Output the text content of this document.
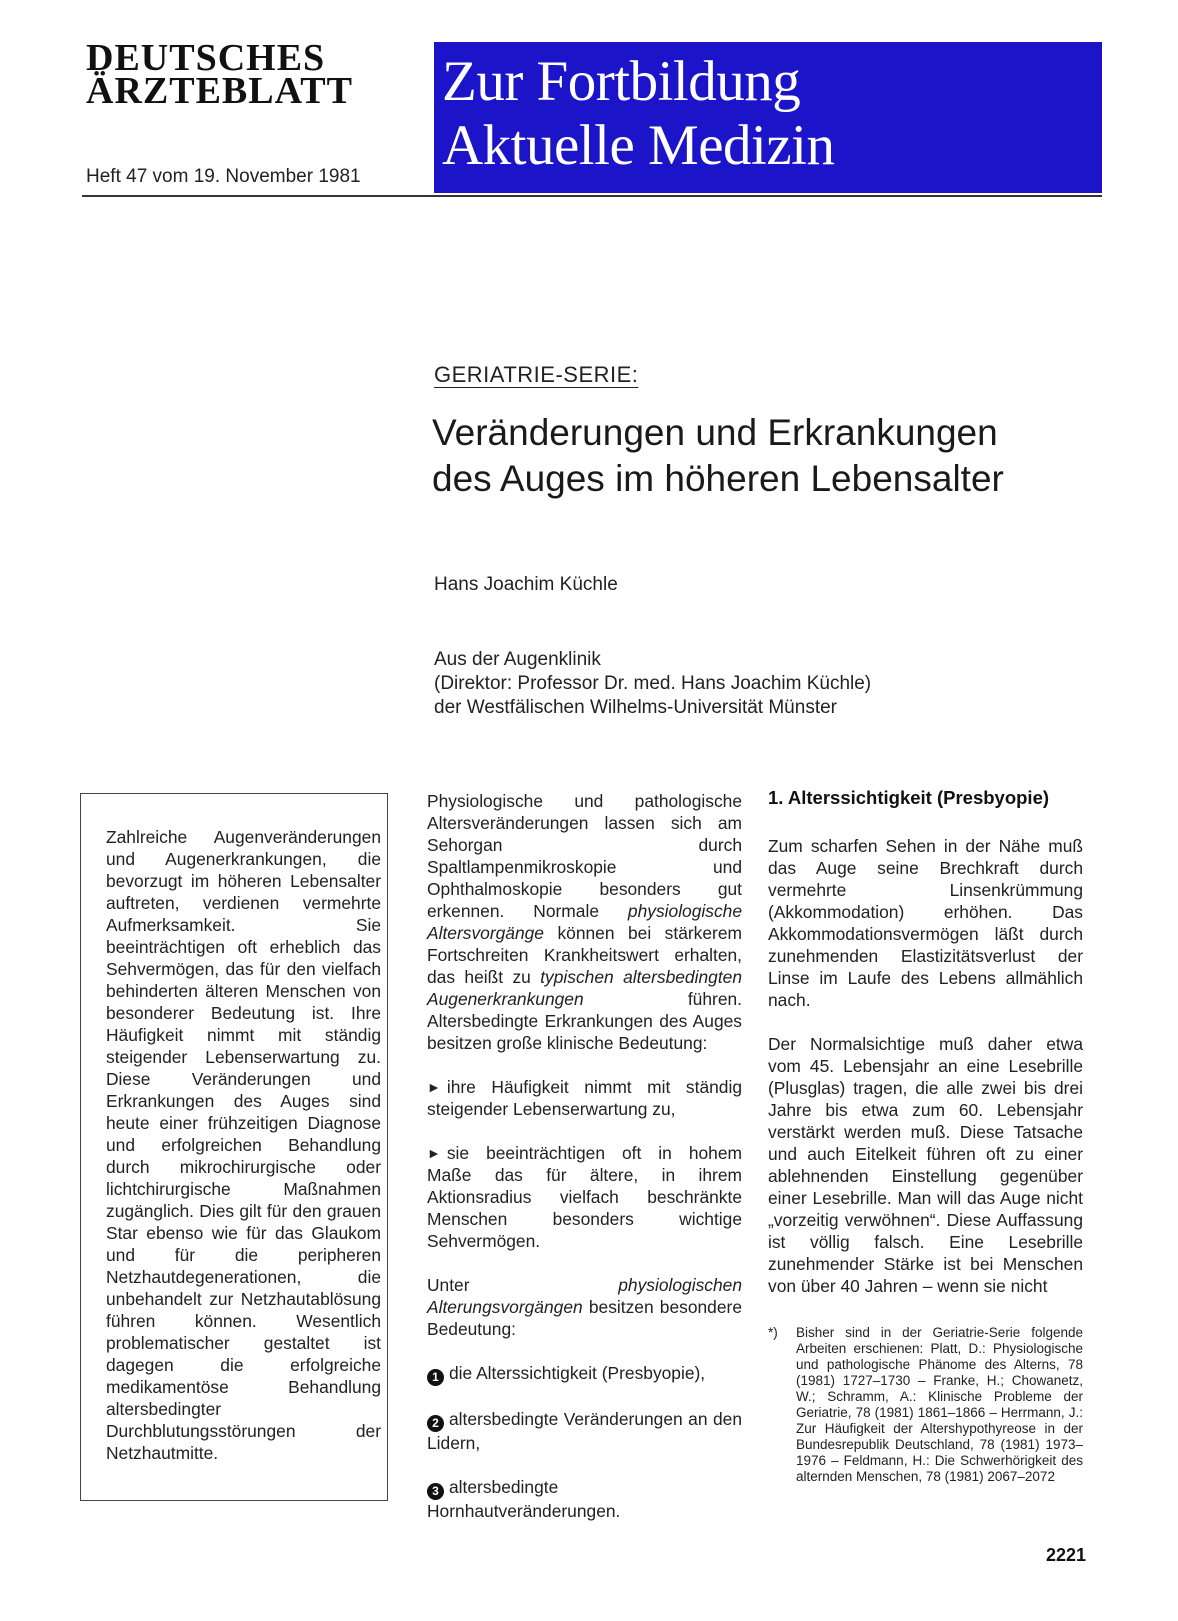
DEUTSCHES
ÄRZTEBLATT
Heft 47 vom 19. November 1981
Zur Fortbildung
Aktuelle Medizin
GERIATRIE-SERIE:
Veränderungen und Erkrankungen
des Auges im höheren Lebensalter
Hans Joachim Küchle
Aus der Augenklinik
(Direktor: Professor Dr. med. Hans Joachim Küchle)
der Westfälischen Wilhelms-Universität Münster

Zahlreiche Augenveränderungen und Augenerkrankungen, die bevorzugt im höheren Lebensalter auftreten, verdienen vermehrte Aufmerksamkeit. Sie beeinträchtigen oft erheblich das Sehvermögen, das für den vielfach behinderten älteren Menschen von besonderer Bedeutung ist. Ihre Häufigkeit nimmt mit ständig steigender Lebenserwartung zu. Diese Veränderungen und Erkrankungen des Auges sind heute einer frühzeitigen Diagnose und erfolgreichen Behandlung durch mikrochirurgische oder lichtchirurgische Maßnahmen zugänglich. Dies gilt für den grauen Star ebenso wie für das Glaukom und für die peripheren Netzhautdegenerationen, die unbehandelt zur Netzhautablösung führen können. Wesentlich problematischer gestaltet ist dagegen die erfolgreiche medikamentöse Behandlung altersbedingter Durchblutungsstörungen der Netzhautmitte.

Physiologische und pathologische Altersveränderungen lassen sich am Sehorgan durch Spaltlampenmikroskopie und Ophthalmoskopie besonders gut erkennen. Normale physiologische Altersvorgänge können bei stärkerem Fortschreiten Krankheitswert erhalten, das heißt zu typischen altersbedingten Augenerkrankungen führen. Altersbedingte Erkrankungen des Auges besitzen große klinische Bedeutung:

► ihre Häufigkeit nimmt mit ständig steigender Lebenserwartung zu,

► sie beeinträchtigen oft in hohem Maße das für ältere, in ihrem Aktionsradius vielfach beschränkte Menschen besonders wichtige Sehvermögen.

Unter physiologischen Alterungsvorgängen besitzen besondere Bedeutung:

1 die Alterssichtigkeit (Presbyopie),

2 altersbedingte Veränderungen an den Lidern,

3 altersbedingte Hornhautveränderungen.

1. Alterssichtigkeit (Presbyopie)

Zum scharfen Sehen in der Nähe muß das Auge seine Brechkraft durch vermehrte Linsenkrümmung (Akkommodation) erhöhen. Das Akkommodationsvermögen läßt durch zunehmenden Elastizitätsverlust der Linse im Laufe des Lebens allmählich nach.

Der Normalsichtige muß daher etwa vom 45. Lebensjahr an eine Lesebrille (Plusglas) tragen, die alle zwei bis drei Jahre bis etwa zum 60. Lebensjahr verstärkt werden muß. Diese Tatsache und auch Eitelkeit führen oft zu einer ablehnenden Einstellung gegenüber einer Lesebrille. Man will das Auge nicht „vorzeitig verwöhnen“. Diese Auffassung ist völlig falsch. Eine Lesebrille zunehmender Stärke ist bei Menschen von über 40 Jahren – wenn sie nicht

*) Bisher sind in der Geriatrie-Serie folgende Arbeiten erschienen: Platt, D.: Physiologische und pathologische Phänome des Alterns, 78 (1981) 1727–1730 – Franke, H.; Chowanetz, W.; Schramm, A.: Klinische Probleme der Geriatrie, 78 (1981) 1861–1866 – Herrmann, J.: Zur Häufigkeit der Altershypothyreose in der Bundesrepublik Deutschland, 78 (1981) 1973–1976 – Feldmann, H.: Die Schwerhörigkeit des alternden Menschen, 78 (1981) 2067–2072
2221
